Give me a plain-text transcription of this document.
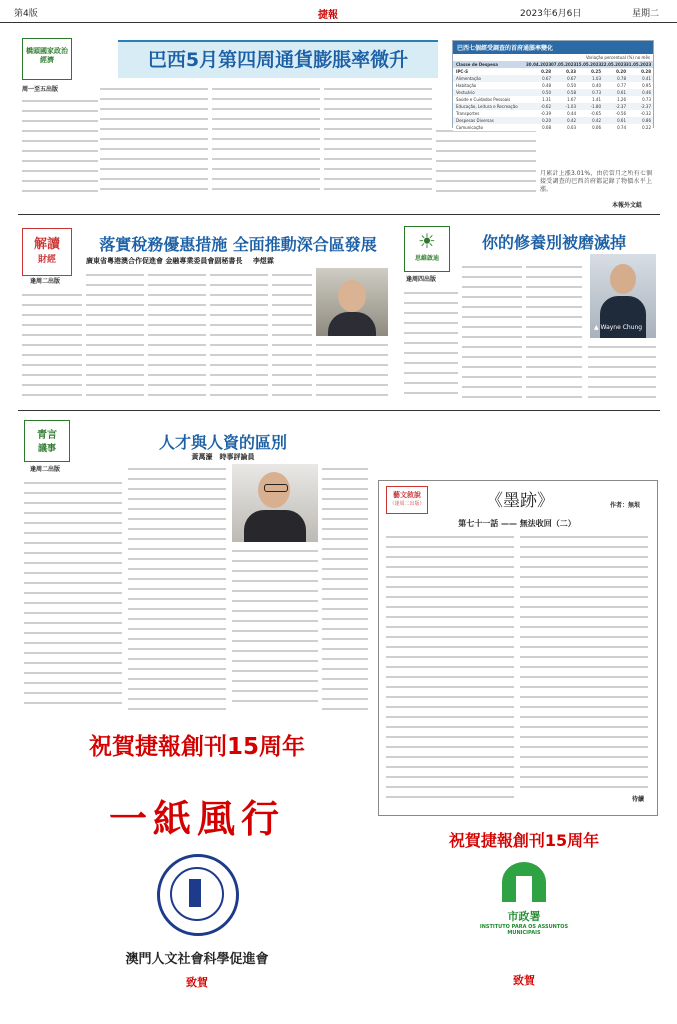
第4版	捷報	2023年6月6日	星期二
巴西5月第四周通貨膨脹率微升
橋頭國家政治經濟
周一至五出版
巴西七個經受調查的首府通脹率變化
Variação percentual (%) no mês
Classe de Despesa	30.04.2023 07.05.2023 15.05.2023 22.05.2023 31.05.2023
IPC-S	0.28	0.33	0.25	0.20	0.28
Alimentação	0.67	0.67	1.03	0.78	0.41
Habitação	0.48	0.50	0.40	0.77	0.95
Vestuário	0.50	0.58	0.73	0.61	0.46
Saúde e Cuidados Pessoais	1.31	1.67	1.41	1.26	0.73
Educação, Leitura e Recreação	-0.62	-1.03	-1.80	-2.37	-2.37
Transportes	-0.39	0.44	-0.65	-0.56	-0.32
Despesas Diversas	0.20	0.42	0.42	0.61	0.86
Comunicação	0.08	0.03	0.06	0.74	0.22
月累計上漲3.01%，由於當月之所有七個接受調查的巴西首府都記錄了物價水平上漲。
本報外文組
解讀
財經
逢周二出版
落實稅務優惠措施 全面推動深合區發展
廣東省粵港澳合作促進會 金融專業委員會副秘書長 李煜霖
☀
思維啟迪
逢周四出版
你的修養別被磨滅掉
▲ Wayne Chung
青言
議事
逢周二出版
人才與人資的區別
黃萬濠　時事評論員
藝文敘說
（逢周二出版）	《墨跡》	作者：無垠
第七十一話 —— 無法收回（二）
待續
祝賀捷報創刊15周年
一紙風行
澳門人文社會科學促進會
致賀
祝賀捷報創刊15周年
市政署
INSTITUTO PARA OS ASSUNTOS MUNICIPAIS
致賀
